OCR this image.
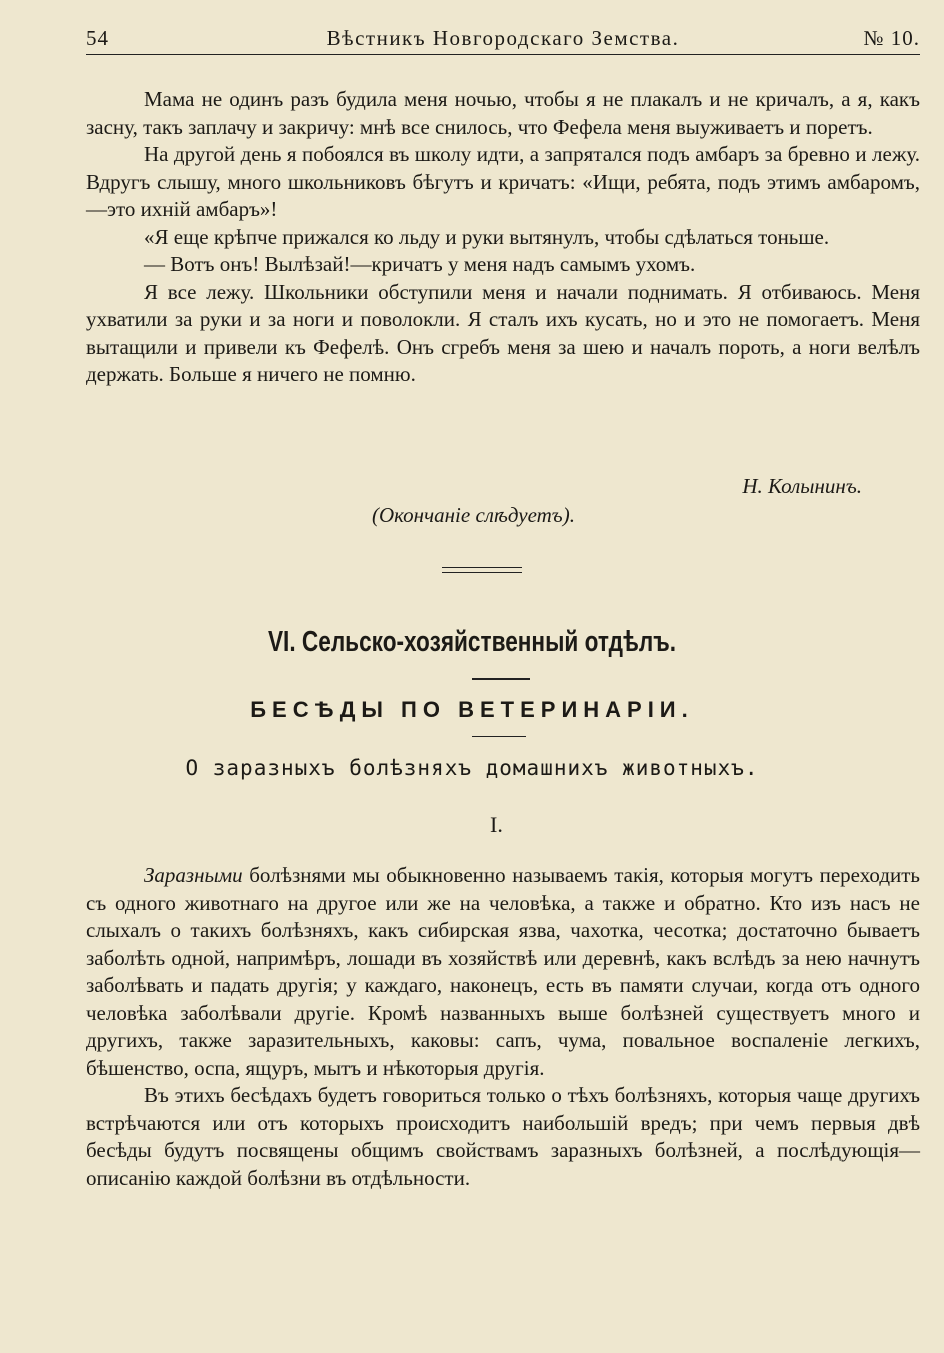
54	Вѣстникъ Новгородскаго Земства.	№ 10.

Мама не одинъ разъ будила меня ночью, чтобы я не плакалъ и не кричалъ, а я, какъ засну, такъ заплачу и закричу: мнѣ все снилось, что Фефела меня выуживаетъ и поретъ.

На другой день я побоялся въ школу идти, а запрятался подъ амбаръ за бревно и лежу. Вдругъ слышу, много школьниковъ бѣгутъ и кричатъ: «Ищи, ребята, подъ этимъ амбаромъ,—это ихній амбаръ»!

«Я еще крѣпче прижался ко льду и руки вытянулъ, чтобы сдѣлаться тоньше.

— Вотъ онъ! Вылѣзай!—кричатъ у меня надъ самымъ ухомъ.

Я все лежу. Школьники обступили меня и начали поднимать. Я отбиваюсь. Меня ухватили за руки и за ноги и поволокли. Я сталъ ихъ кусать, но и это не помогаетъ. Меня вытащили и привели къ Фефелѣ. Онъ сгребъ меня за шею и началъ пороть, а ноги велѣлъ держать. Больше я ничего не помню.

Н. Колынинъ.
(Окончаніе слѣдуетъ).
VI. Сельско-хозяйственный отдѣлъ.
БЕСѢДЫ ПО ВЕТЕРИНАРІИ.
О заразныхъ болѣзняхъ домашнихъ животныхъ.
I.

Заразными болѣзнями мы обыкновенно называемъ такія, которыя могутъ переходить съ одного животнаго на другое или же на человѣка, а также и обратно. Кто изъ насъ не слыхалъ о такихъ болѣзняхъ, какъ сибирская язва, чахотка, чесотка; достаточно бываетъ заболѣть одной, напримѣръ, лошади въ хозяйствѣ или деревнѣ, какъ вслѣдъ за нею начнутъ заболѣвать и падать другія; у каждаго, наконецъ, есть въ памяти случаи, когда отъ одного человѣка заболѣвали другіе. Кромѣ названныхъ выше болѣзней существуетъ много и другихъ, также заразительныхъ, каковы: сапъ, чума, повальное воспаленіе легкихъ, бѣшенство, оспа, ящуръ, мытъ и нѣкоторыя другія.

Въ этихъ бесѣдахъ будетъ говориться только о тѣхъ болѣзняхъ, которыя чаще другихъ встрѣчаются или отъ которыхъ происходитъ наибольшій вредъ; при чемъ первыя двѣ бесѣды будутъ посвящены общимъ свойствамъ заразныхъ болѣзней, а послѣдующія—описанію каждой болѣзни въ отдѣльности.
